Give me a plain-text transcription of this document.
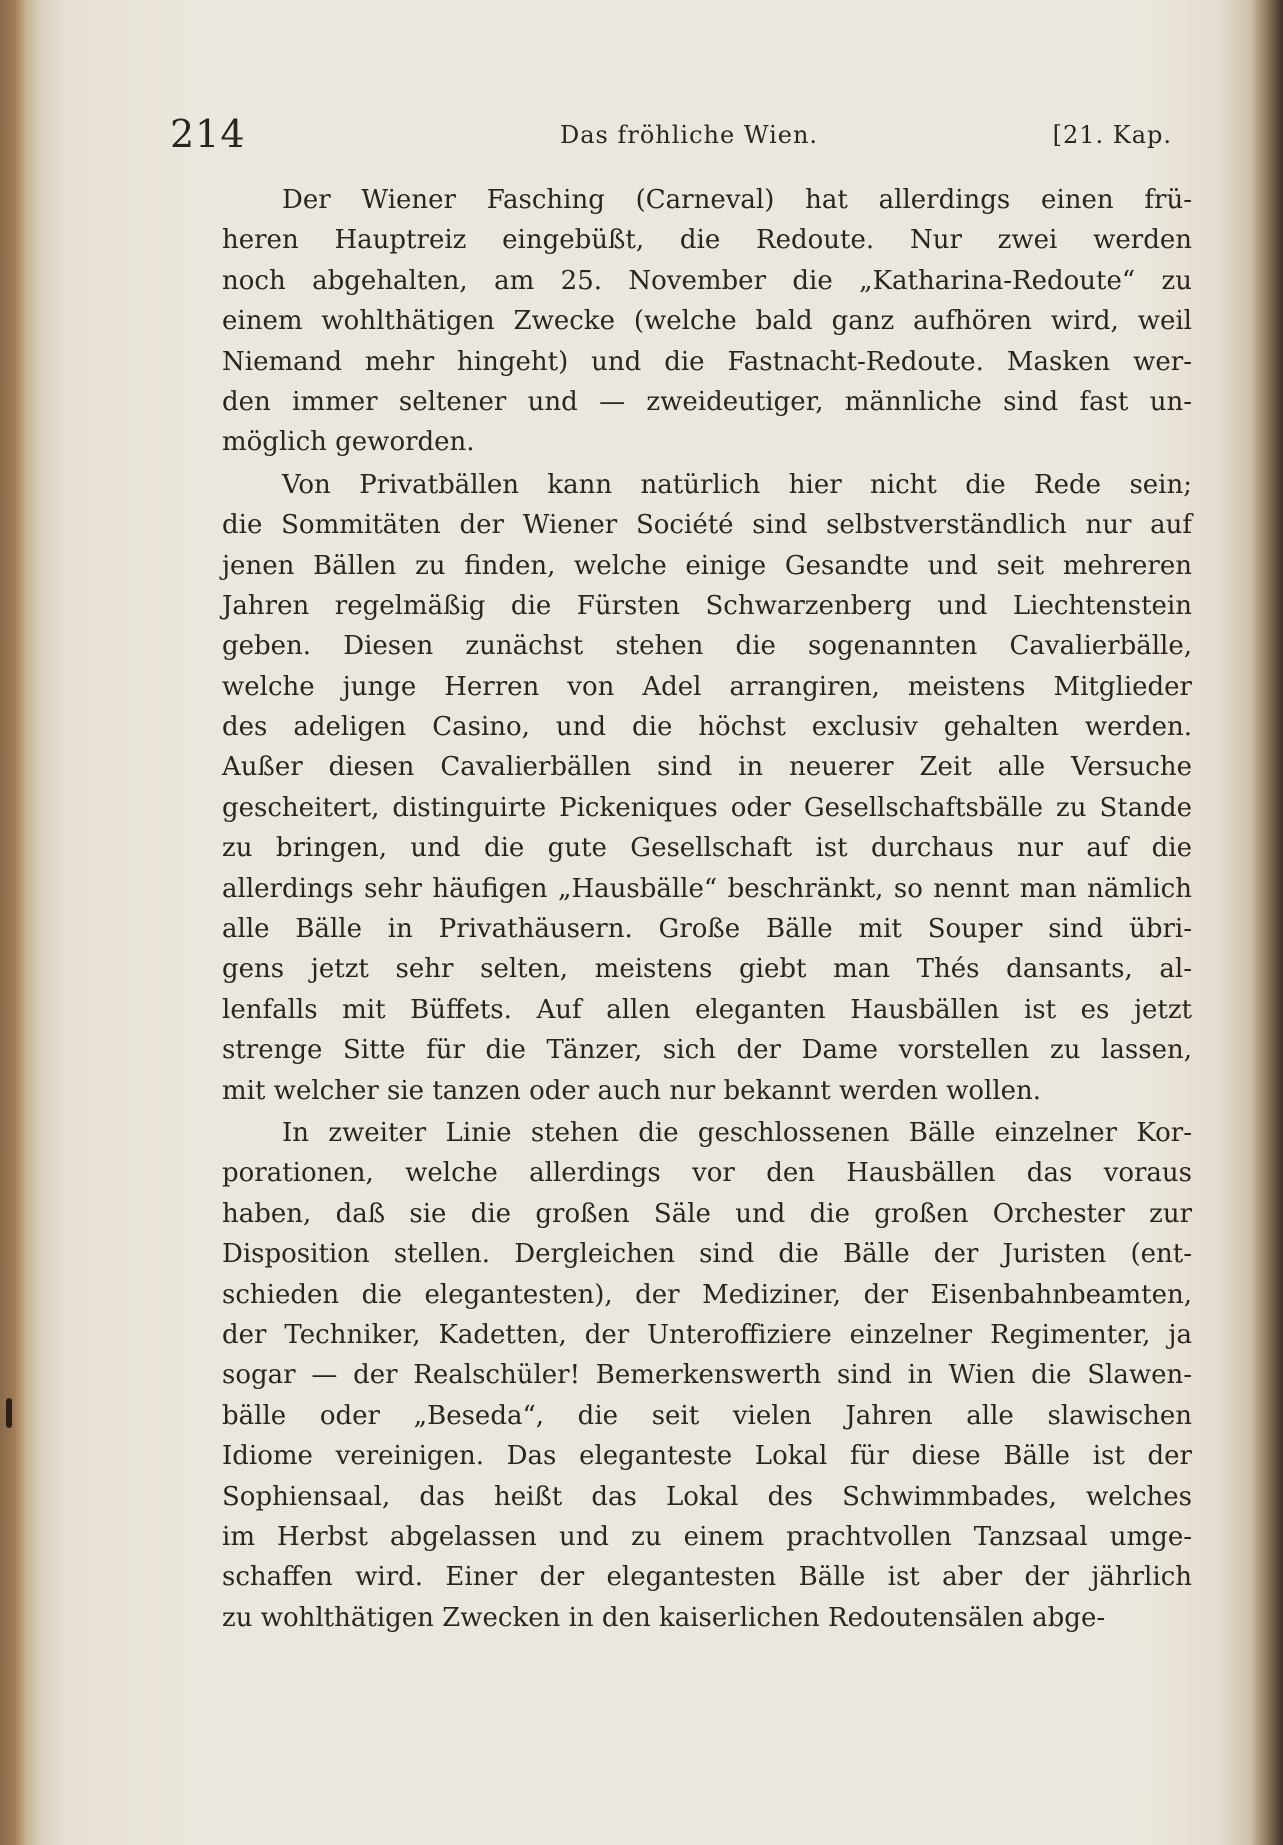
214	Das fröhliche Wien.	[21. Kap.
Der Wiener Fasching (Carneval) hat allerdings einen frü-
heren Hauptreiz eingebüßt, die Redoute. Nur zwei werden
noch abgehalten, am 25. November die „Katharina-Redoute“ zu
einem wohlthätigen Zwecke (welche bald ganz aufhören wird, weil
Niemand mehr hingeht) und die Fastnacht-Redoute. Masken wer-
den immer seltener und — zweideutiger, männliche sind fast un-
möglich geworden.
Von Privatbällen kann natürlich hier nicht die Rede sein;
die Sommitäten der Wiener Société sind selbstverständlich nur auf
jenen Bällen zu finden, welche einige Gesandte und seit mehreren
Jahren regelmäßig die Fürsten Schwarzenberg und Liechtenstein
geben. Diesen zunächst stehen die sogenannten Cavalierbälle,
welche junge Herren von Adel arrangiren, meistens Mitglieder
des adeligen Casino, und die höchst exclusiv gehalten werden.
Außer diesen Cavalierbällen sind in neuerer Zeit alle Versuche
gescheitert, distinguirte Pickeniques oder Gesellschaftsbälle zu Stande
zu bringen, und die gute Gesellschaft ist durchaus nur auf die
allerdings sehr häufigen „Hausbälle“ beschränkt, so nennt man nämlich
alle Bälle in Privathäusern. Große Bälle mit Souper sind übri-
gens jetzt sehr selten, meistens giebt man Thés dansants, al-
lenfalls mit Büffets. Auf allen eleganten Hausbällen ist es jetzt
strenge Sitte für die Tänzer, sich der Dame vorstellen zu lassen,
mit welcher sie tanzen oder auch nur bekannt werden wollen.
In zweiter Linie stehen die geschlossenen Bälle einzelner Kor-
porationen, welche allerdings vor den Hausbällen das voraus
haben, daß sie die großen Säle und die großen Orchester zur
Disposition stellen. Dergleichen sind die Bälle der Juristen (ent-
schieden die elegantesten), der Mediziner, der Eisenbahnbeamten,
der Techniker, Kadetten, der Unteroffiziere einzelner Regimenter, ja
sogar — der Realschüler! Bemerkenswerth sind in Wien die Slawen-
bälle oder „Beseda“, die seit vielen Jahren alle slawischen
Idiome vereinigen. Das eleganteste Lokal für diese Bälle ist der
Sophiensaal, das heißt das Lokal des Schwimmbades, welches
im Herbst abgelassen und zu einem prachtvollen Tanzsaal umge-
schaffen wird. Einer der elegantesten Bälle ist aber der jährlich
zu wohlthätigen Zwecken in den kaiserlichen Redoutensälen abge-
